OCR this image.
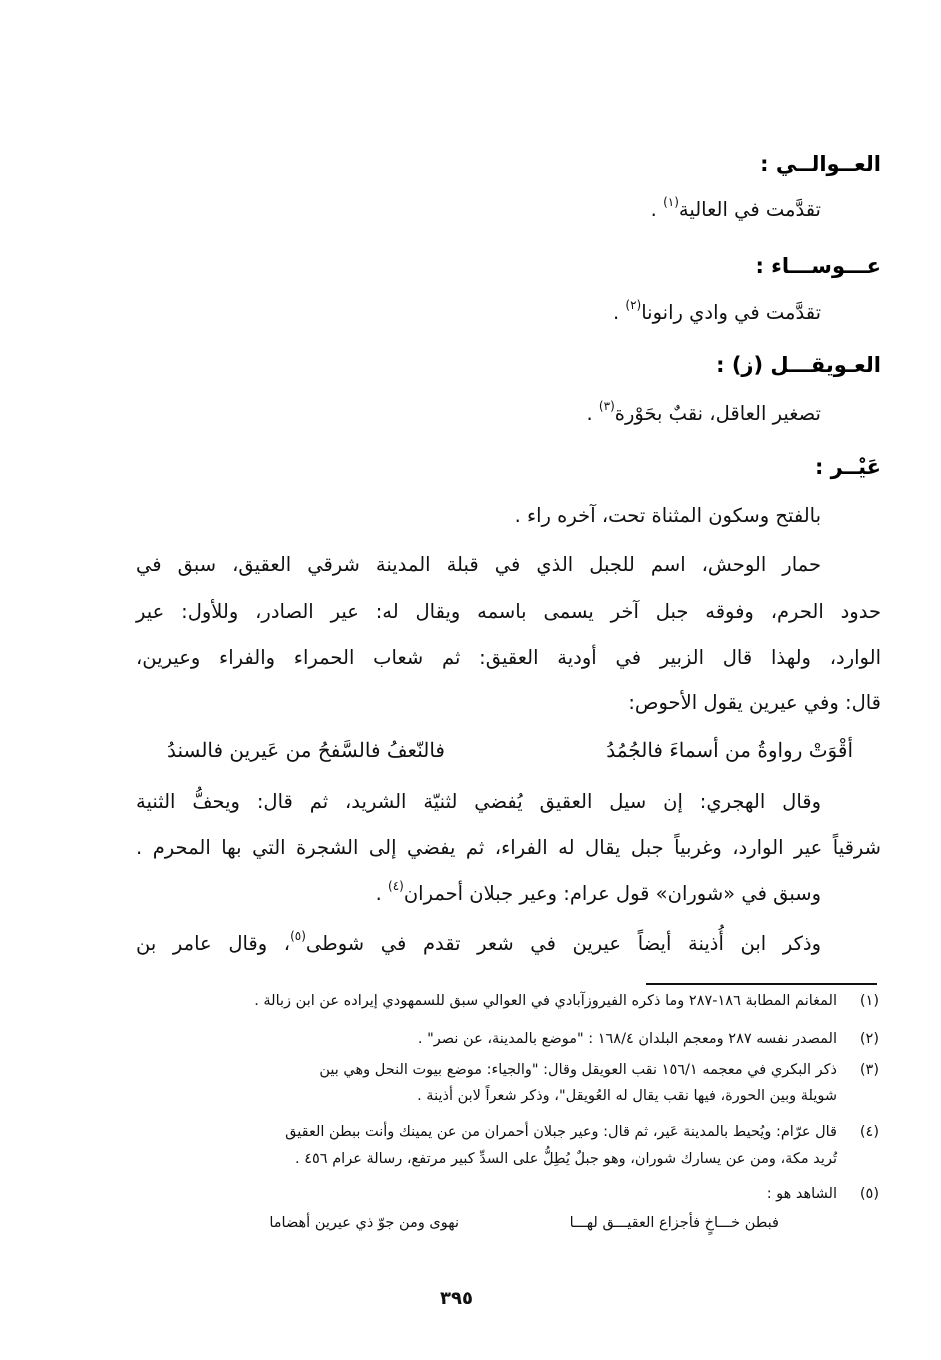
العــوالــي :
تقدَّمت في العالية$^{(١)}$ .
عـــوســـاء :
تقدَّمت في وادي رانونا$^{(٢)}$ .
العـويقـــل (ز) :
تصغير العاقل، نقبٌ بحَوْرة$^{(٣)}$ .
عَيْــر :
بالفتح وسكون المثناة تحت، آخره راء .
حمار الوحش، اسم للجبل الذي في قبلة المدينة شرقي العقيق، سبق في
حدود الحرم، وفوقه جبل آخر يسمى باسمه ويقال له: عير الصادر، وللأول: عير
الوارد، ولهذا قال الزبير في أودية العقيق: ثم شعاب الحمراء والفراء وعيرين،
قال: وفي عيرين يقول الأحوص:
أقْوَتْ رواوةُ من أسماءَ فالجُمُدُ
فالنّعفُ فالسَّفحُ من عَيرين فالسندُ
وقال الهجري: إن سيل العقيق يُفضي لثنيّة الشريد، ثم قال: ويحفُّ الثنية
شرقياً عير الوارد، وغربياً جبل يقال له الفراء، ثم يفضي إلى الشجرة التي بها المحرم .
وسبق في «شوران» قول عرام: وعير جبلان أحمران$^{(٤)}$ .
وذكر ابن أُذينة أيضاً عيرين في شعر تقدم في شوطى$^{(٥)}$، وقال عامر بن
(١)
المغانم المطابة ١٨٦-٢٨٧ وما ذكره الفيروزآبادي في العوالي سبق للسمهودي إيراده عن ابن زبالة .
(٢)
المصدر نفسه ٢٨٧ ومعجم البلدان ١٦٨/٤ : "موضع بالمدينة، عن نصر" .
(٣)
ذكر البكري في معجمه ١٥٦/١ نقب العويقل وقال: "والجياء: موضع بيوت النحل وهي بين
شويلة وبين الحورة، فيها نقب يقال له العُويقل"، وذكر شعراً لابن أذينة .
(٤)
قال عرّام: ويُحيط بالمدينة عَير، ثم قال: وعير جبلان أحمران من عن يمينك وأنت ببطن العقيق
تُريد مكة، ومن عن يسارك شوران، وهو جبلٌ يُطِلُّ على السدِّ كبير مرتفع، رسالة عرام ٤٥٦ .
(٥)
الشاهد هو :
فبطن خـــاخٍ فأجزاع العقيـــق لهـــا
نهوى ومن جوّ ذي عيرين أهضاما
٣٩٥
